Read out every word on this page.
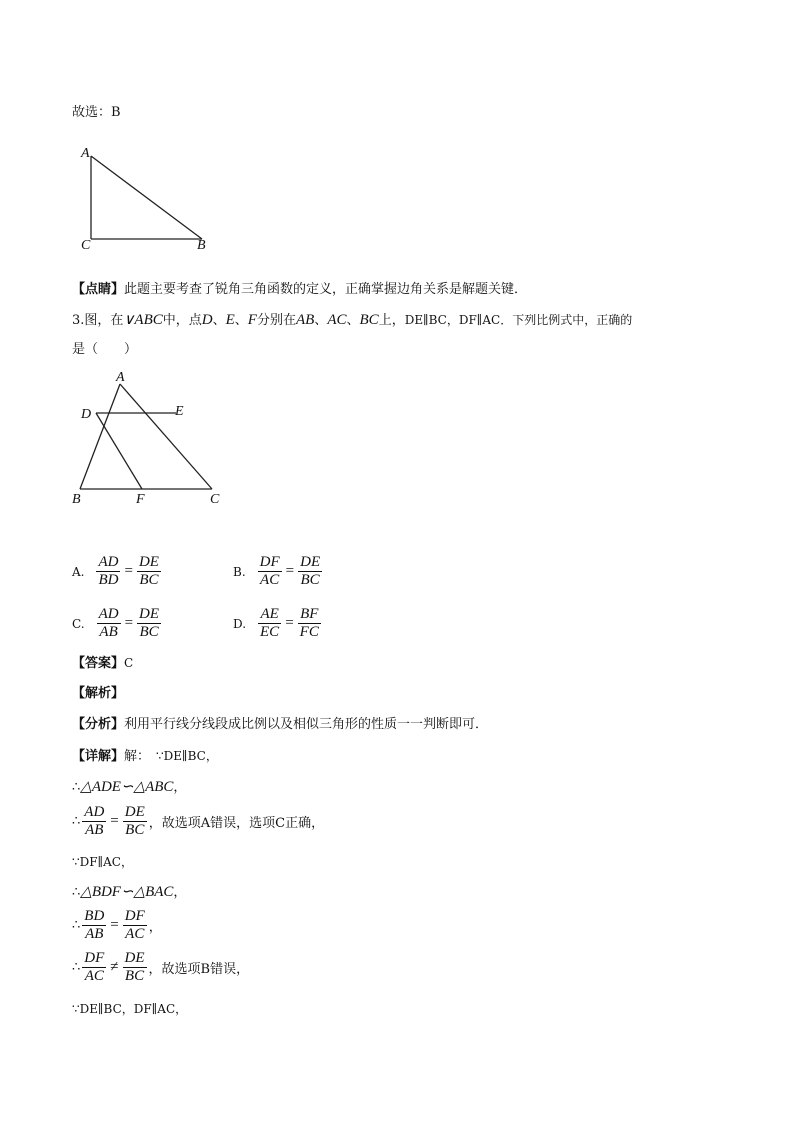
故选：B
A
C	B
【点睛】此题主要考查了锐角三角函数的定义，正确掌握边角关系是解题关键．
3.图，在∨ABC中，点D、E、F分别在AB、AC、BC上，DE∥BC，DF∥AC．下列比例式中，正确的
是（　　）
A
D	E
B	F	C
A. $\frac{AD}{BD} = \frac{DE}{BC}$	B. $\frac{DF}{AC} = \frac{DE}{BC}$
C. $\frac{AD}{AB} = \frac{DE}{BC}$	D. $\frac{AE}{EC} = \frac{BF}{FC}$
【答案】C
【解析】
【分析】利用平行线分线段成比例以及相似三角形的性质一一判断即可．
【详解】解： ∵DE∥BC，
∴△ADE∽△ABC，
∴ $\frac{AD}{AB} = \frac{DE}{BC}$ ，故选项A错误，选项C正确，
∵DF∥AC，
∴△BDF∽△BAC，
∴ $\frac{BD}{AB} = \frac{DF}{AC}$ ，
∴ $\frac{DF}{AC} \ne \frac{DE}{BC}$ ，故选项B错误，
∵DE∥BC，DF∥AC，
